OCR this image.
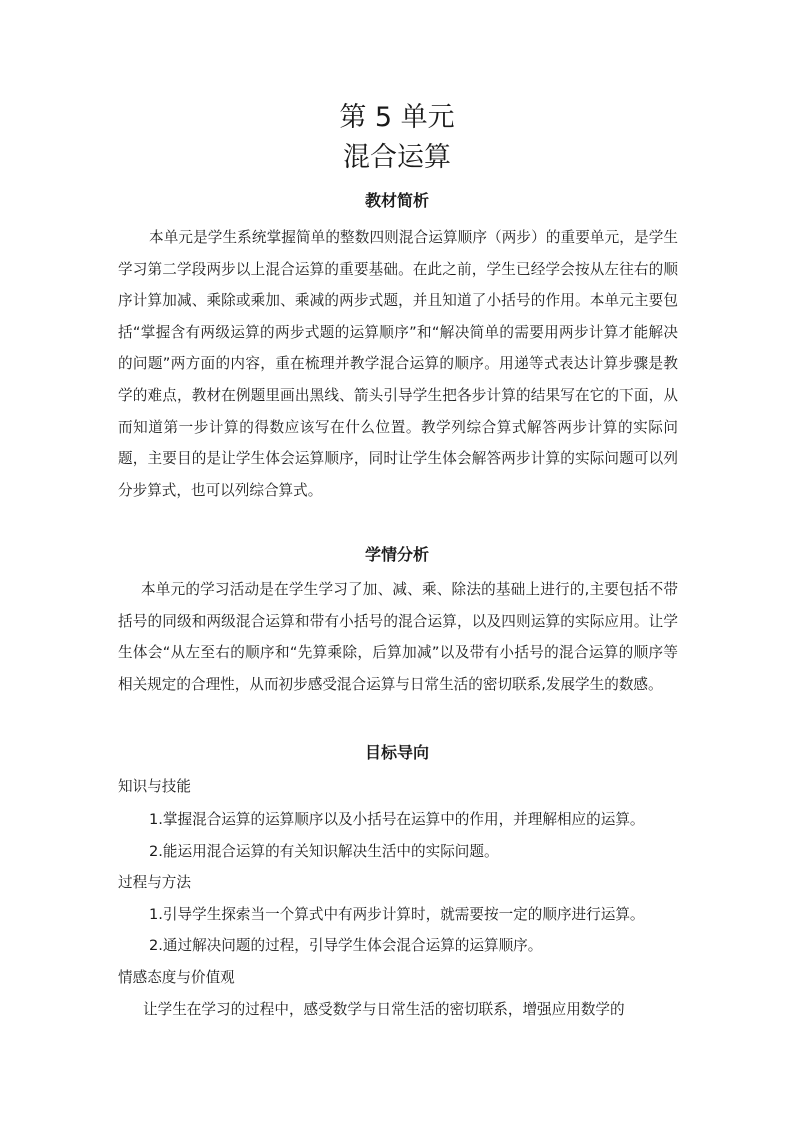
第 5 单元
混合运算
教材简析

本单元是学生系统掌握简单的整数四则混合运算顺序（两步）的重要单元，是学生学习第二学段两步以上混合运算的重要基础。在此之前，学生已经学会按从左往右的顺序计算加减、乘除或乘加、乘减的两步式题，并且知道了小括号的作用。本单元主要包括“掌握含有两级运算的两步式题的运算顺序”和“解决简单的需要用两步计算才能解决的问题”两方面的内容，重在梳理并教学混合运算的顺序。用递等式表达计算步骤是教学的难点，教材在例题里画出黑线、箭头引导学生把各步计算的结果写在它的下面，从而知道第一步计算的得数应该写在什么位置。教学列综合算式解答两步计算的实际问题，主要目的是让学生体会运算顺序，同时让学生体会解答两步计算的实际问题可以列分步算式，也可以列综合算式。

学情分析

本单元的学习活动是在学生学习了加、减、乘、除法的基础上进行的,主要包括不带括号的同级和两级混合运算和带有小括号的混合运算，以及四则运算的实际应用。让学生体会“从左至右的顺序和“先算乘除，后算加减”以及带有小括号的混合运算的顺序等相关规定的合理性，从而初步感受混合运算与日常生活的密切联系,发展学生的数感。

目标导向
知识与技能
1.掌握混合运算的运算顺序以及小括号在运算中的作用，并理解相应的运算。
2.能运用混合运算的有关知识解决生活中的实际问题。
过程与方法
1.引导学生探索当一个算式中有两步计算时，就需要按一定的顺序进行运算。
2.通过解决问题的过程，引导学生体会混合运算的运算顺序。
情感态度与价值观
让学生在学习的过程中，感受数学与日常生活的密切联系，增强应用数学的
